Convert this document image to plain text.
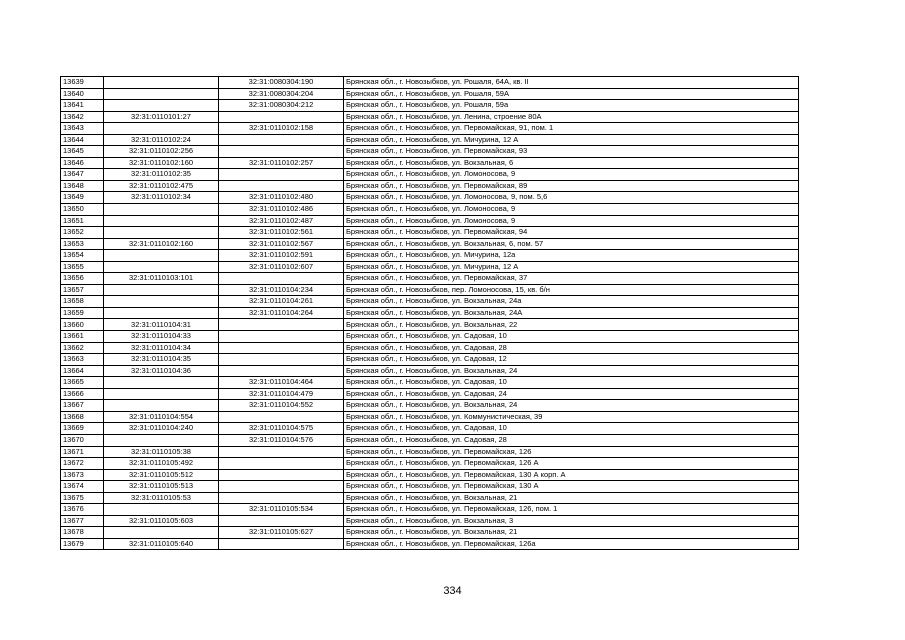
13639		32:31:0080304:190	Брянская обл., г. Новозыбков, ул. Рошаля, 64А, кв. II
13640		32:31:0080304:204	Брянская обл., г. Новозыбков, ул. Рошаля, 59А
13641		32:31:0080304:212	Брянская обл., г. Новозыбков, ул. Рошаля, 59а
13642	32:31:0110101:27		Брянская обл., г. Новозыбков, ул. Ленина, строение 80А
13643		32:31:0110102:158	Брянская обл., г. Новозыбков, ул. Первомайская, 91, пом. 1
13644	32:31:0110102:24		Брянская обл., г. Новозыбков, ул. Мичурина, 12 А
13645	32:31:0110102:256		Брянская обл., г. Новозыбков, ул. Первомайская, 93
13646	32:31:0110102:160	32:31:0110102:257	Брянская обл., г. Новозыбков, ул. Вокзальная, 6
13647	32:31:0110102:35		Брянская обл., г. Новозыбков, ул. Ломоносова, 9
13648	32:31:0110102:475		Брянская обл., г. Новозыбков, ул. Первомайская, 89
13649	32:31:0110102:34	32:31:0110102:480	Брянская обл., г. Новозыбков, ул. Ломоносова, 9, пом. 5,6
13650		32:31:0110102:486	Брянская обл., г. Новозыбков, ул. Ломоносова, 9
13651		32:31:0110102:487	Брянская обл., г. Новозыбков, ул. Ломоносова, 9
13652		32:31:0110102:561	Брянская обл., г. Новозыбков, ул. Первомайская, 94
13653	32:31:0110102:160	32:31:0110102:567	Брянская обл., г. Новозыбков, ул. Вокзальная, 6, пом. 57
13654		32:31:0110102:591	Брянская обл., г. Новозыбков, ул. Мичурина, 12а
13655		32:31:0110102:607	Брянская обл., г. Новозыбков, ул. Мичурина, 12 А
13656	32:31:0110103:101		Брянская обл., г. Новозыбков, ул. Первомайская, 37
13657		32:31:0110104:234	Брянская обл., г. Новозыбков, пер. Ломоносова, 15, кв. б/н
13658		32:31:0110104:261	Брянская обл., г. Новозыбков, ул. Вокзальная, 24а
13659		32:31:0110104:264	Брянская обл., г. Новозыбков, ул. Вокзальная, 24А
13660	32:31:0110104:31		Брянская обл., г. Новозыбков, ул. Вокзальная, 22
13661	32:31:0110104:33		Брянская обл., г. Новозыбков, ул. Садовая, 10
13662	32:31:0110104:34		Брянская обл., г. Новозыбков, ул. Садовая, 28
13663	32:31:0110104:35		Брянская обл., г. Новозыбков, ул. Садовая, 12
13664	32:31:0110104:36		Брянская обл., г. Новозыбков, ул. Вокзальная, 24
13665		32:31:0110104:464	Брянская обл., г. Новозыбков, ул. Садовая, 10
13666		32:31:0110104:479	Брянская обл., г. Новозыбков, ул. Садовая, 24
13667		32:31:0110104:552	Брянская обл., г. Новозыбков, ул. Вокзальная, 24
13668	32:31:0110104:554		Брянская обл., г. Новозыбков, ул. Коммунистическая, 39
13669	32:31:0110104:240	32:31:0110104:575	Брянская обл., г. Новозыбков, ул. Садовая, 10
13670		32:31:0110104:576	Брянская обл., г. Новозыбков, ул. Садовая, 28
13671	32:31:0110105:38		Брянская обл., г. Новозыбков, ул. Первомайская, 126
13672	32:31:0110105:492		Брянская обл., г. Новозыбков, ул. Первомайская, 126 А
13673	32:31:0110105:512		Брянская обл., г. Новозыбков, ул. Первомайская, 130 А корп. А
13674	32:31:0110105:513		Брянская обл., г. Новозыбков, ул. Первомайская, 130 А
13675	32:31:0110105:53		Брянская обл., г. Новозыбков, ул. Вокзальная, 21
13676		32:31:0110105:534	Брянская обл., г. Новозыбков, ул. Первомайская, 126, пом. 1
13677	32:31:0110105:603		Брянская обл., г. Новозыбков, ул. Вокзальная, 3
13678		32:31:0110105:627	Брянская обл., г. Новозыбков, ул. Вокзальная, 21
13679	32:31:0110105:640		Брянская обл., г. Новозыбков, ул. Первомайская, 126а
334
